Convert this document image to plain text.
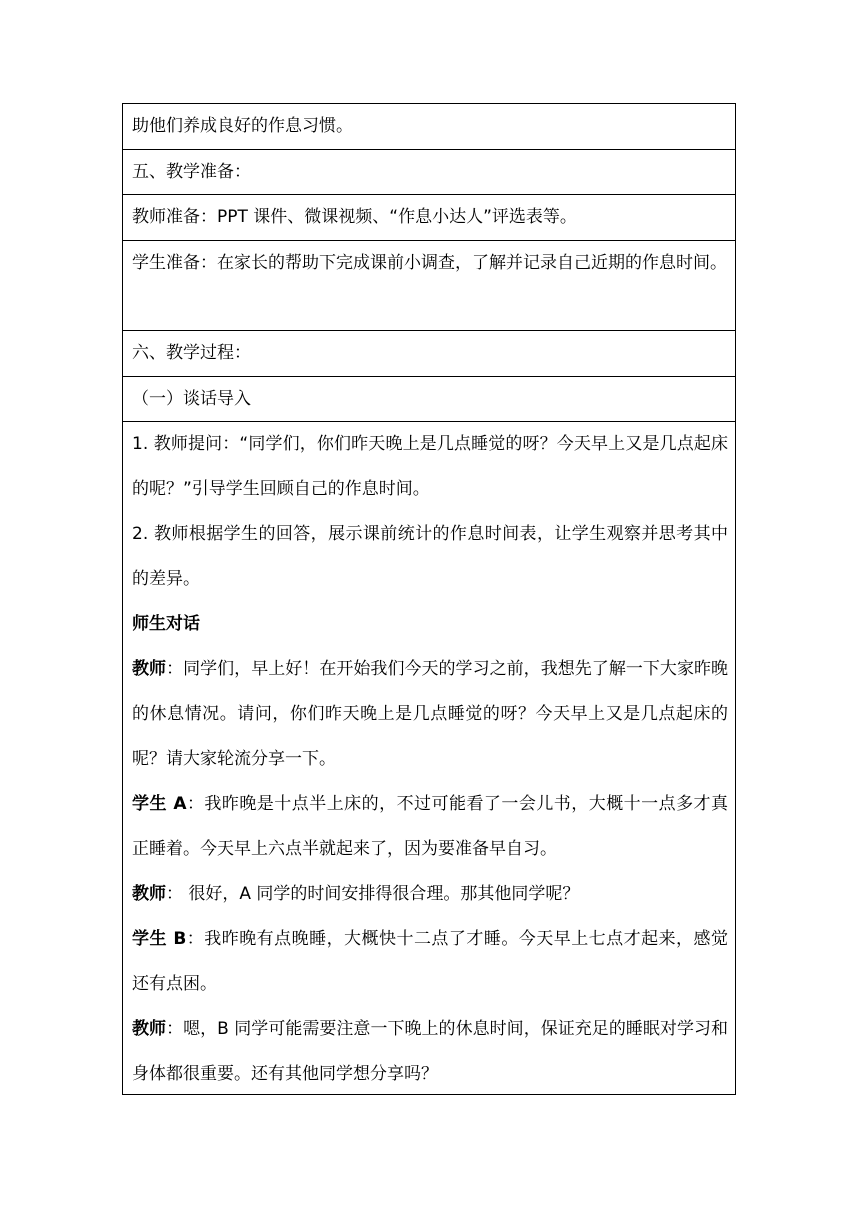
助他们养成良好的作息习惯。

五、教学准备：

教师准备：PPT 课件、微课视频、“作息小达人”评选表等。

学生准备：在家长的帮助下完成课前小调查，了解并记录自己近期的作息时间。

六、教学过程：

（一）谈话导入

1. 教师提问：“同学们，你们昨天晚上是几点睡觉的呀？今天早上又是几点起床的呢？”引导学生回顾自己的作息时间。

2. 教师根据学生的回答，展示课前统计的作息时间表，让学生观察并思考其中的差异。

师生对话

教师：同学们，早上好！在开始我们今天的学习之前，我想先了解一下大家昨晚的休息情况。请问，你们昨天晚上是几点睡觉的呀？今天早上又是几点起床的呢？请大家轮流分享一下。

学生 A：我昨晚是十点半上床的，不过可能看了一会儿书，大概十一点多才真正睡着。今天早上六点半就起来了，因为要准备早自习。

教师： 很好，A 同学的时间安排得很合理。那其他同学呢？

学生 B：我昨晚有点晚睡，大概快十二点了才睡。今天早上七点才起来，感觉还有点困。

教师：嗯，B 同学可能需要注意一下晚上的休息时间，保证充足的睡眠对学习和身体都很重要。还有其他同学想分享吗？
